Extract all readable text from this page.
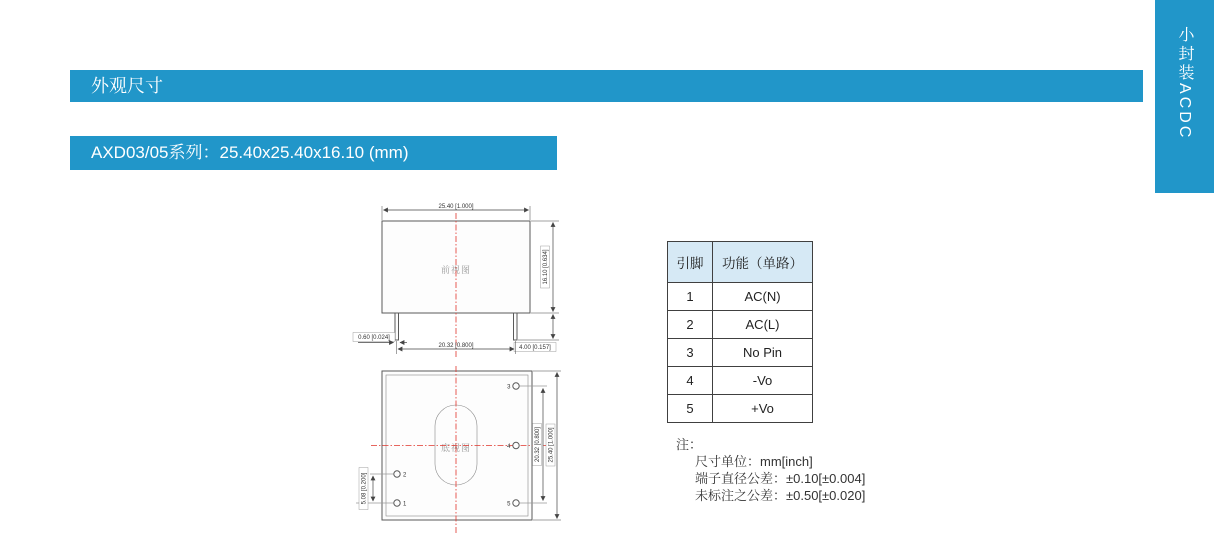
外观尺寸
AXD03/05系列：25.40x25.40x16.10 (mm)
小封装ACDC
25.40 [1.000]
前视图	16.10 [0.634]
4.00 [0.157]
0.60 [0.024]
20.32 [0.800]
底视图
3
4
5
2
1
20.32 [0.800] 25.40 [1.000]
5.08 [0.200]
引脚	功能（单路）
1	AC(N)
2	AC(L)
3	No Pin
4	-Vo
5	+Vo
注：
尺寸单位：mm[inch]
端子直径公差：±0.10[±0.004]
未标注之公差：±0.50[±0.020]
